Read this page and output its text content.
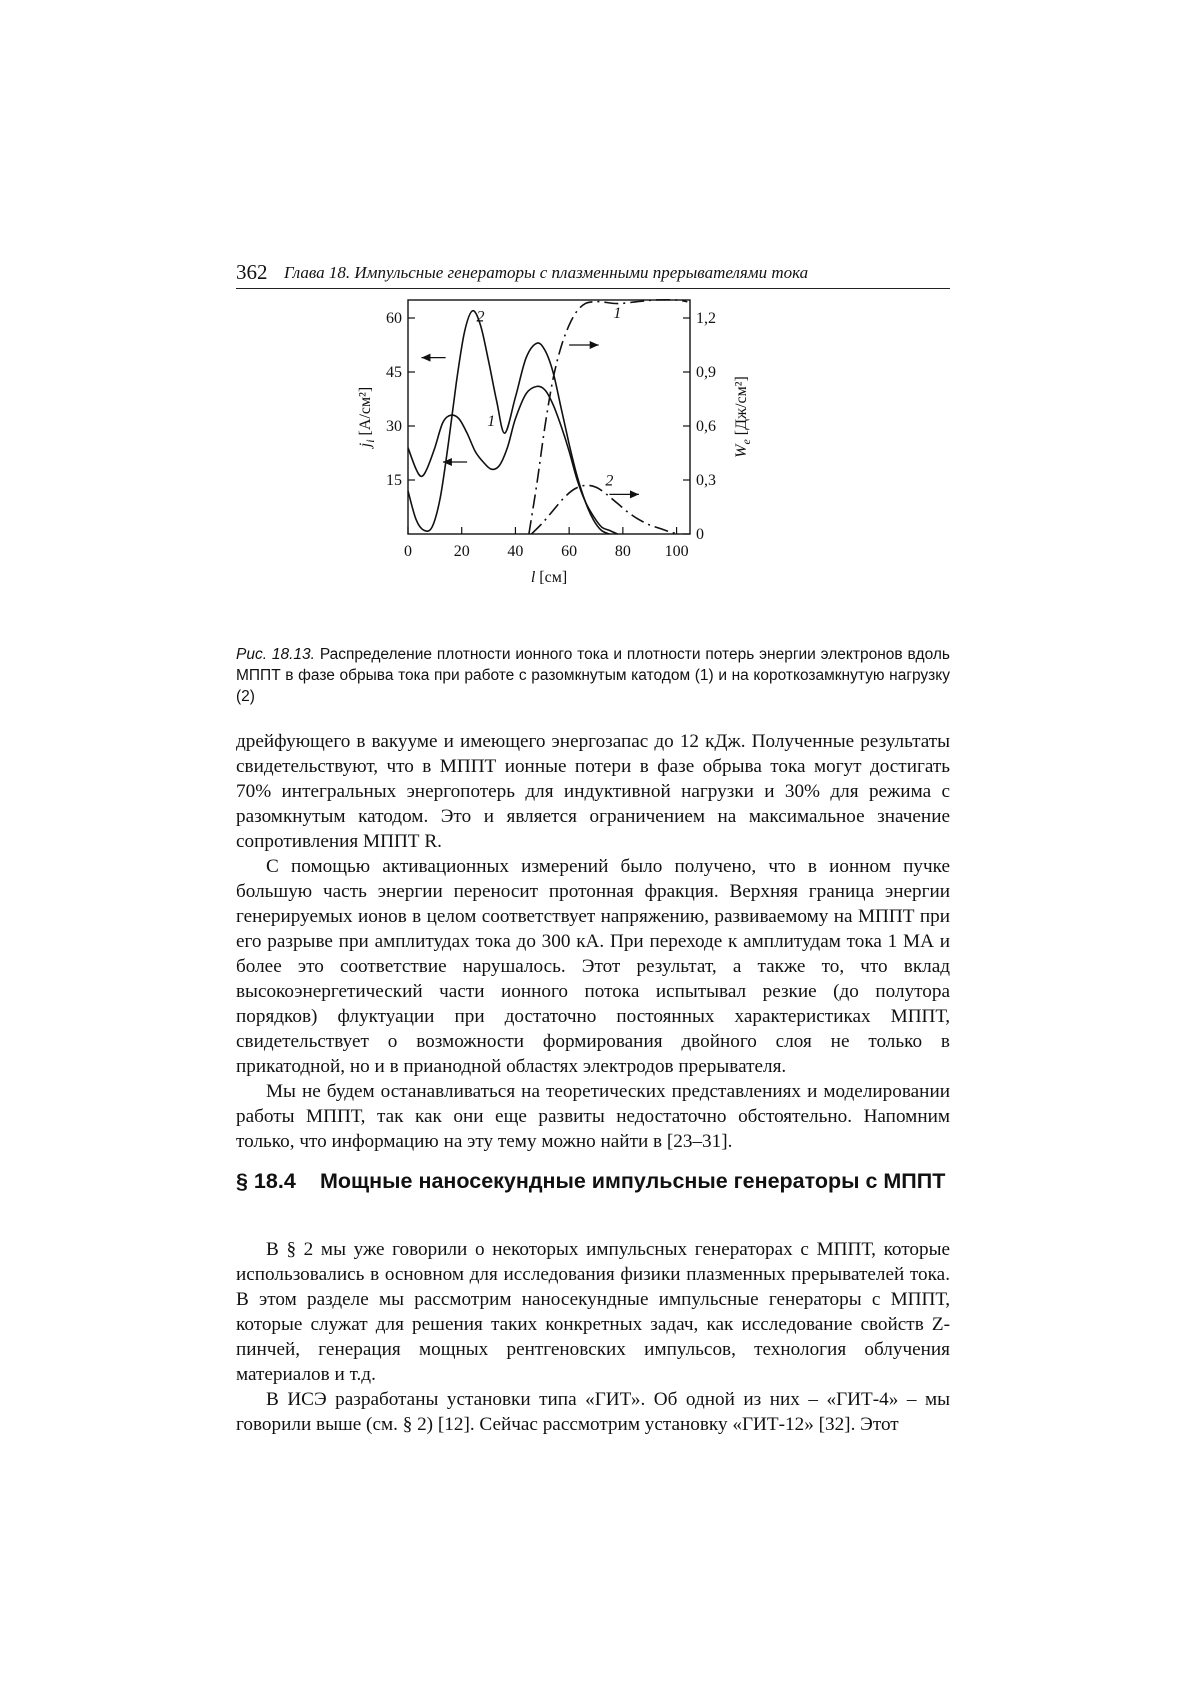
362 Глава 18. Импульсные генераторы с плазменными прерывателями тока
0	20 40 60 80 100
15
30
45
60
0
0,3
0,6
0,9
1,2
2
1
1
2
$j_i$ [А/см²]
$W_e$ [Дж/см²]
l [см]
Рис. 18.13. Распределение плотности ионного тока и плотности потерь энергии электронов вдоль МППТ в фазе обрыва тока при работе с разомкнутым катодом (1) и на короткозамкнутую нагрузку (2)

дрейфующего в вакууме и имеющего энергозапас до 12 кДж. Полученные результаты свидетельствуют, что в МППТ ионные потери в фазе обрыва тока могут достигать 70% интегральных энергопотерь для индуктивной нагрузки и 30% для режима с разомкнутым катодом. Это и является ограничением на максимальное значение сопротивления МППТ R.

С помощью активационных измерений было получено, что в ионном пучке большую часть энергии переносит протонная фракция. Верхняя граница энергии генерируемых ионов в целом соответствует напряжению, развиваемому на МППТ при его разрыве при амплитудах тока до 300 кА. При переходе к амплитудам тока 1 МА и более это соответствие нарушалось. Этот результат, а также то, что вклад высокоэнергетический части ионного потока испытывал резкие (до полутора порядков) флуктуации при достаточно постоянных характеристиках МППТ, свидетельствует о возможности формирования двойного слоя не только в прикатодной, но и в прианодной областях электродов прерывателя.

Мы не будем останавливаться на теоретических представлениях и моделировании работы МППТ, так как они еще развиты недостаточно обстоятельно. Напомним только, что информацию на эту тему можно найти в [23–31].

§ 18.4 Мощные наносекундные импульсные генераторы с МППТ

В § 2 мы уже говорили о некоторых импульсных генераторах с МППТ, которые использовались в основном для исследования физики плазменных прерывателей тока. В этом разделе мы рассмотрим наносекундные импульсные генераторы с МППТ, которые служат для решения таких конкретных задач, как исследование свойств Z-пинчей, генерация мощных рентгеновских импульсов, технология облучения материалов и т.д.

В ИСЭ разработаны установки типа «ГИТ». Об одной из них – «ГИТ-4» – мы говорили выше (см. § 2) [12]. Сейчас рассмотрим установку «ГИТ-12» [32]. Этот
